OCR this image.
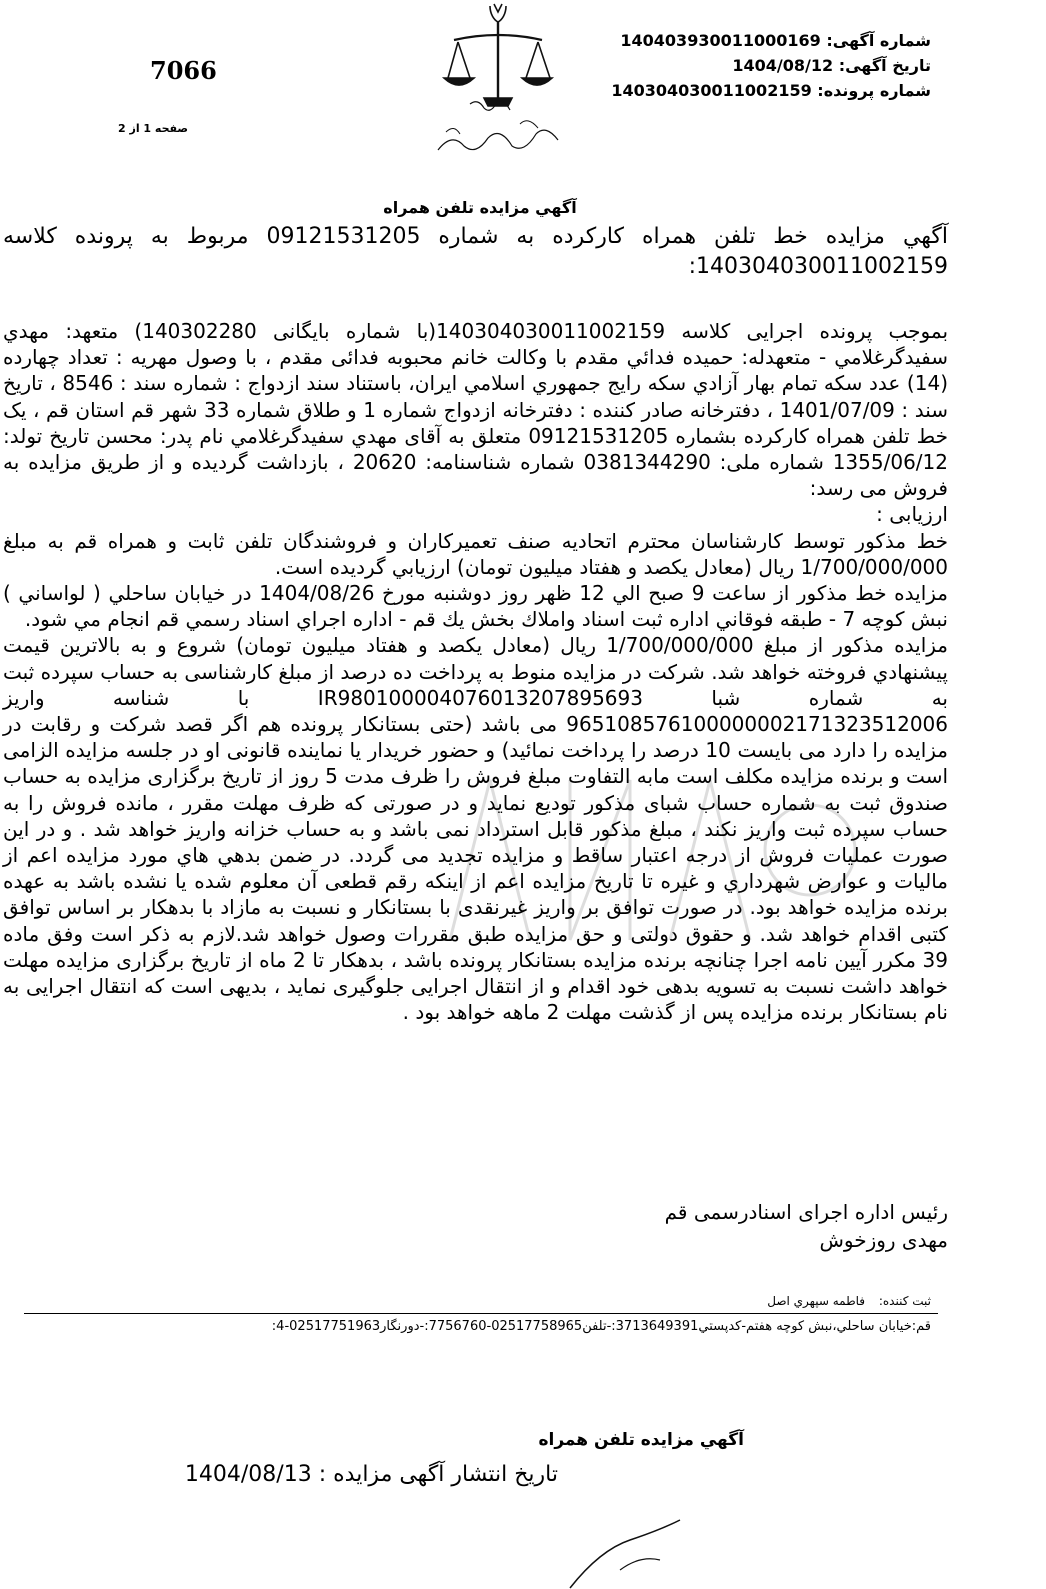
شماره آگهی: 140403930011000169
تاریخ آگهی: 1404/08/12
شماره پرونده: 140304030011002159
7066
صفحه 1 از 2
آگهي مزايده تلفن همراه
آگهي مزايده خط تلفن همراه كاركرده به شماره 09121531205 مربوط به پرونده كلاسه 140304030011002159:

بموجب پرونده اجرایی کلاسه 140304030011002159(با شماره بایگانی 140302280) متعهد: مهدي سفيدگرغلامي - متعهدله: حميده فدائي مقدم با وكالت خانم محبوبه فدائی مقدم ، با وصول مهريه : تعداد چهارده (14) عدد سكه تمام بهار آزادي سكه رايج جمهوري اسلامي ايران، باستناد سند ازدواج : شماره سند : 8546 ، تاریخ سند : 1401/07/09 ، دفترخانه صادر کننده : دفترخانه ازدواج شماره 1 و طلاق شماره 33 شهر قم استان قم ، یک خط تلفن همراه کارکرده بشماره 09121531205 متعلق به آقای مهدي سفيدگرغلامي نام پدر: محسن تاريخ تولد: 1355/06/12 شماره ملی: 0381344290 شماره شناسنامه: 20620 ، بازداشت گردیده و از طریق مزایده به فروش می رسد:

ارزیابی :

خط مذکور توسط کارشناسان محترم اتحادیه صنف تعمیرکاران و فروشندگان تلفن ثابت و همراه قم به مبلغ 1/700/000/000 ریال (معادل یکصد و هفتاد میلیون تومان) ارزيابي گرديده است.

مزايده خط مذكور از ساعت 9 صبح الي 12 ظهر روز دوشنبه مورخ 1404/08/26 در خيابان ساحلي ( لواساني ) نبش كوچه 7 - طبقه فوقاني اداره ثبت اسناد واملاك بخش يك قم - اداره اجراي اسناد رسمي قم انجام مي شود.

مزايده مذكور از مبلغ 1/700/000/000 ریال (معادل یکصد و هفتاد میلیون تومان) شروع و به بالاترين قيمت پيشنهادي فروخته خواهد شد. شرکت در مزایده منوط به پرداخت ده درصد از مبلغ کارشناسی به حساب سپرده ثبت به شماره شبا IR980100004076013207895693 با شناسه واریز 965108576100000002171323512006 می باشد (حتی بستانکار پرونده هم اگر قصد شرکت و رقابت در مزایده را دارد می بایست 10 درصد را پرداخت نمائید) و حضور خریدار یا نماینده قانونی او در جلسه مزایده الزامی است و برنده مزایده مکلف است مابه التفاوت مبلغ فروش را ظرف مدت 5 روز از تاریخ برگزاری مزایده به حساب صندوق ثبت به شماره حساب شبای مذکور تودیع نماید و در صورتی که ظرف مهلت مقرر ، مانده فروش را به حساب سپرده ثبت واریز نکند ، مبلغ مذکور قابل استرداد نمی باشد و به حساب خزانه واریز خواهد شد . و در این صورت عملیات فروش از درجه اعتبار ساقط و مزایده تجدید می گردد. در ضمن بدهي هاي مورد مزايده اعم از ماليات و عوارض شهرداري و غيره تا تاريخ مزايده اعم از اینکه رقم قطعی آن معلوم شده یا نشده باشد به عهده برنده مزایده خواهد بود. در صورت توافق بر واریز غیرنقدی با بستانکار و نسبت به مازاد با بدهکار بر اساس توافق کتبی اقدام خواهد شد. و حقوق دولتی و حق مزایده طبق مقررات وصول خواهد شد.لازم به ذکر است وفق ماده 39 مکرر آیین نامه اجرا چنانچه برنده مزایده بستانکار پرونده باشد ، بدهکار تا 2 ماه از تاریخ برگزاری مزایده مهلت خواهد داشت نسبت به تسویه بدهی خود اقدام و از انتقال اجرایی جلوگیری نماید ، بدیهی است که انتقال اجرایی به نام بستانکار برنده مزایده پس از گذشت مهلت 2 ماهه خواهد بود .

رئیس اداره اجرای اسنادرسمی قم
مهدی روزخوش
ثبت کننده: فاطمه سپهري اصل
قم:خيابان ساحلي،نبش كوچه هفتم-كدپستي3713649391:-تلفن02517758965-7756760:-دورنگار02517751963-4:
آگهي مزايده تلفن همراه
تاریخ انتشار آگهی مزایده : 1404/08/13
